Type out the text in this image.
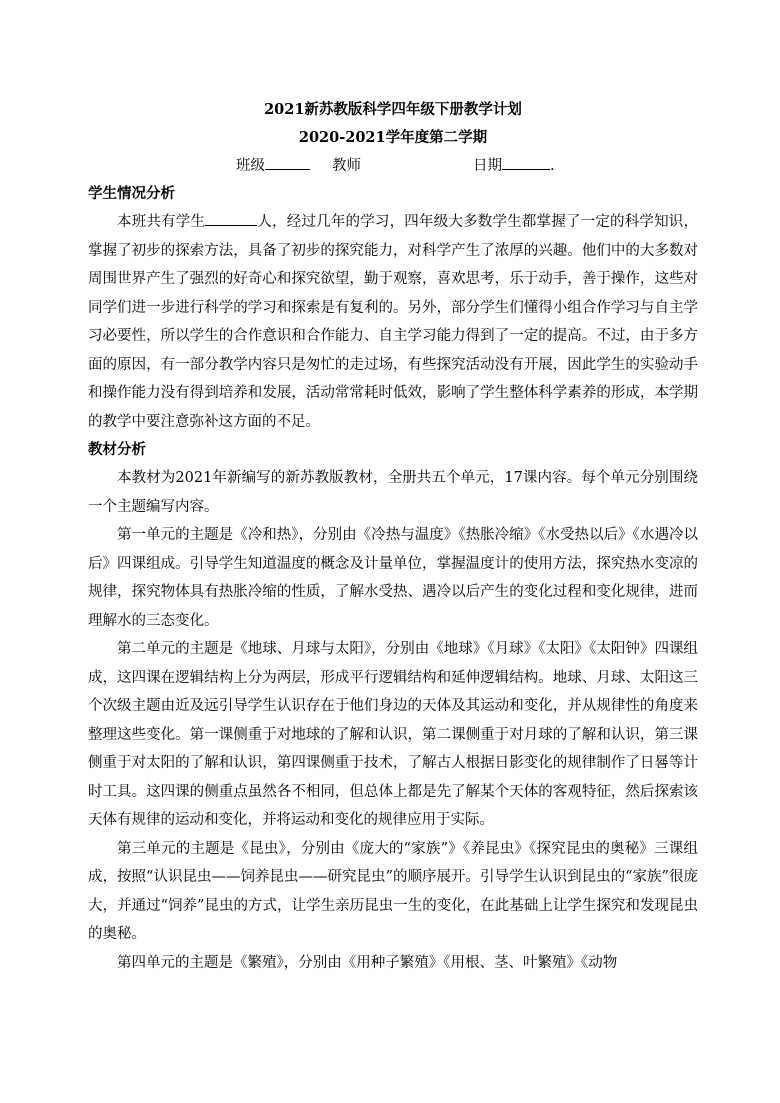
2021新苏教版科学四年级下册教学计划

2020-2021学年度第二学期

班级	教师	日期	.

学生情况分析

本班共有学生	人，经过几年的学习，四年级大多数学生都掌握了一定的科学知识，掌握了初步的探索方法，具备了初步的探究能力，对科学产生了浓厚的兴趣。他们中的大多数对周围世界产生了强烈的好奇心和探究欲望，勤于观察，喜欢思考，乐于动手，善于操作，这些对同学们进一步进行科学的学习和探索是有复利的。另外，部分学生们懂得小组合作学习与自主学习必要性，所以学生的合作意识和合作能力、自主学习能力得到了一定的提高。不过，由于多方面的原因，有一部分教学内容只是匆忙的走过场，有些探究活动没有开展，因此学生的实验动手和操作能力没有得到培养和发展，活动常常耗时低效，影响了学生整体科学素养的形成，本学期的教学中要注意弥补这方面的不足。

教材分析

本教材为2021年新编写的新苏教版教材，全册共五个单元，17课内容。每个单元分别围绕一个主题编写内容。

第一单元的主题是《冷和热》，分别由《冷热与温度》《热胀冷缩》《水受热以后》《水遇冷以后》四课组成。引导学生知道温度的概念及计量单位，掌握温度计的使用方法，探究热水变凉的规律，探究物体具有热胀冷缩的性质，了解水受热、遇冷以后产生的变化过程和变化规律，进而理解水的三态变化。

第二单元的主题是《地球、月球与太阳》，分别由《地球》《月球》《太阳》《太阳钟》四课组成，这四课在逻辑结构上分为两层，形成平行逻辑结构和延伸逻辑结构。地球、月球、太阳这三个次级主题由近及远引导学生认识存在于他们身边的天体及其运动和变化，并从规律性的角度来整理这些变化。第一课侧重于对地球的了解和认识，第二课侧重于对月球的了解和认识，第三课侧重于对太阳的了解和认识，第四课侧重于技术，了解古人根据日影变化的规律制作了日晷等计时工具。这四课的侧重点虽然各不相同，但总体上都是先了解某个天体的客观特征，然后探索该天体有规律的运动和变化，并将运动和变化的规律应用于实际。

第三单元的主题是《昆虫》，分别由《庞大的“家族”》《养昆虫》《探究昆虫的奥秘》三课组成，按照“认识昆虫——饲养昆虫——研究昆虫”的顺序展开。引导学生认识到昆虫的“家族”很庞大，并通过“饲养”昆虫的方式，让学生亲历昆虫一生的变化，在此基础上让学生探究和发现昆虫的奥秘。

第四单元的主题是《繁殖》，分别由《用种子繁殖》《用根、茎、叶繁殖》《动物
